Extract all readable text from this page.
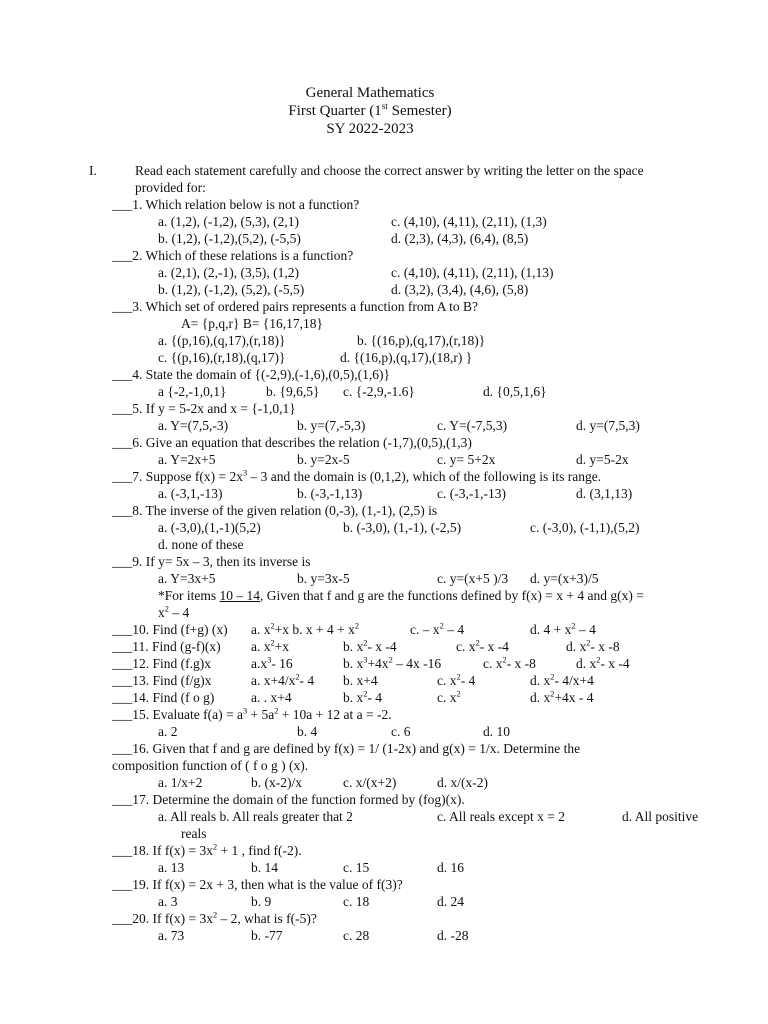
General Mathematics
First Quarter (1st Semester)
SY 2022-2023
I.	Read each statement carefully and choose the correct answer by writing the letter on the space
provided for:
___1. Which relation below is not a function?
a. (1,2), (-1,2), (5,3), (2,1)	c. (4,10), (4,11), (2,11), (1,3)
b. (1,2), (-1,2),(5,2), (-5,5)	d. (2,3), (4,3), (6,4), (8,5)
___2. Which of these relations is a function?
a. (2,1), (2,-1), (3,5), (1,2)	c. (4,10), (4,11), (2,11), (1,13)
b. (1,2), (-1,2), (5,2), (-5,5)	d. (3,2), (3,4), (4,6), (5,8)
___3. Which set of ordered pairs represents a function from A to B?
A= {p,q,r} B= {16,17,18}
a. {(p,16),(q,17),(r,18)}	b. {(16,p),(q,17),(r,18)}
c. {(p,16),(r,18),(q,17)}	d. {(16,p),(q,17),(18,r) }
___4. State the domain of {(-2,9),(-1,6),(0,5),(1,6)}
a {-2,-1,0,1}	b. {9,6,5} c. {-2,9,-1.6}	d. {0,5,1,6}
___5. If y = 5-2x and x = {-1,0,1}
a. Y=(7,5,-3)	b. y=(7,-5,3)	c. Y=(-7,5,3)	d. y=(7,5,3)
___6. Give an equation that describes the relation (-1,7),(0,5),(1,3)
a. Y=2x+5	b. y=2x-5	c. y= 5+2x	d. y=5-2x
___7. Suppose $f(x) = 2x^3 - 3$ and the domain is (0,1,2), which of the following is its range.
a. (-3,1,-13)	b. (-3,-1,13)	c. (-3,-1,-13)	d. (3,1,13)
___8. The inverse of the given relation (0,-3), (1,-1), (2,5) is
a. (-3,0),(1,-1)(5,2)	b. (-3,0), (1,-1), (-2,5)	c. (-3,0), (-1,1),(5,2)
d. none of these
___9. If y= 5x – 3, then its inverse is
a. Y=3x+5	b. y=3x-5	c. y=(x+5 )/3 d. y=(x+3)/5
*For items 10 – 14, Given that f and g are the functions defined by f(x) = x + 4 and g(x) =
$x^2 - 4$
___10. Find (f+g) (x) a. $x^2+x$ b. $x + 4 + x^2$	c. – $x^2 - 4$	d. $4 + x^2 - 4$
___11. Find (g-f)(x) a. $x^2+x$	b. $x^2-$ x -4	c. $x^2-$ x -4	d. $x^2-$ x -8
___12. Find (f.g)x	$a.x^3-$ 16	b. $x^3+4x^2 - 4x$ -16	c. $x^2-$ x -8	d. $x^2-$ x -4
___13. Find (f/g)x	a. $x+4/x^2-$ 4 b. x+4	c. $x^2-$ 4	d. $x^2-$ 4/x+4
___14. Find (f o g)	a. . x+4	b. $x^2-$ 4	c. $x^2$	d. $x^2+4x - 4$
___15. Evaluate $f(a) = a^3 + 5a^2 + 10a + 12$ at a = -2.
a. 2	b. 4	c. 6	d. 10
___16. Given that f and g are defined by f(x) = 1/ (1-2x) and g(x) = 1/x. Determine the
composition function of ( f o g ) (x).
a. 1/x+2	b. (x-2)/x	c. x/(x+2)	d. x/(x-2)
___17. Determine the domain of the function formed by (fog)(x).
a. All reals b. All reals greater that 2	c. All reals except x = 2	d. All positive
reals
___18. If $f(x) = 3x^2 + 1$ , find f(-2).
a. 13	b. 14	c. 15	d. 16
___19. If f(x) = 2x + 3, then what is the value of f(3)?
a. 3	b. 9	c. 18	d. 24
___20. If $f(x) = 3x^2 - 2$, what is f(-5)?
a. 73	b. -77	c. 28	d. -28
